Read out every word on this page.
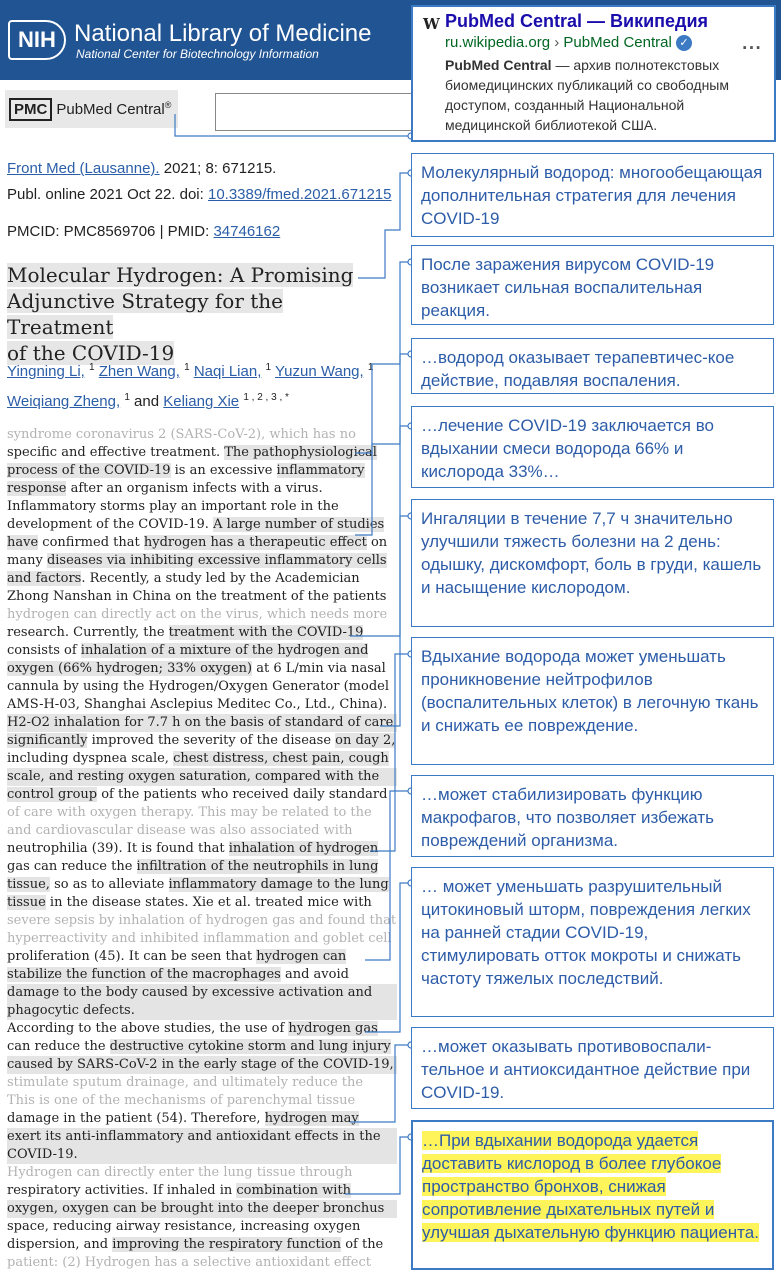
NIH National Library of Medicine
National Center for Biotechnology Information
PMC PubMed Central®
Front Med (Lausanne). 2021; 8: 671215.
Publ. online 2021 Oct 22. doi: 10.3389/fmed.2021.671215
PMCID: PMC8569706 | PMID: 34746162
Molecular Hydrogen: A Promising
Adjunctive Strategy for the Treatment
of the COVID-19
Yingning Li, $^1$ Zhen Wang, $^1$ Naqi Lian, $^1$ Yuzun Wang, $^1$
Weiqiang Zheng, $^1$ and Keliang Xie $^{1 , 2 , 3 , *}$

syndrome coronavirus 2 (SARS-CoV-2), which has no

specific and effective treatment. The pathophysiological

process of the COVID-19 is an excessive inflammatory

response after an organism infects with a virus.

Inflammatory storms play an important role in the

development of the COVID-19. A large number of studies

have confirmed that hydrogen has a therapeutic effect on

many diseases via inhibiting excessive inflammatory cells

and factors. Recently, a study led by the Academician

Zhong Nanshan in China on the treatment of the patients

hydrogen can directly act on the virus, which needs more

research. Currently, the treatment with the COVID-19

consists of inhalation of a mixture of the hydrogen and

oxygen (66% hydrogen; 33% oxygen) at 6 L/min via nasal

cannula by using the Hydrogen/Oxygen Generator (model

AMS-H-03, Shanghai Asclepius Meditec Co., Ltd., China).

H2-O2 inhalation for 7.7 h on the basis of standard of care

significantly improved the severity of the disease on day 2,

including dyspnea scale, chest distress, chest pain, cough

scale, and resting oxygen saturation, compared with the

control group of the patients who received daily standard

of care with oxygen therapy. This may be related to the

and cardiovascular disease was also associated with

neutrophilia (39). It is found that inhalation of hydrogen

gas can reduce the infiltration of the neutrophils in lung

tissue, so as to alleviate inflammatory damage to the lung

tissue in the disease states. Xie et al. treated mice with

severe sepsis by inhalation of hydrogen gas and found that

hyperreactivity and inhibited inflammation and goblet cell

proliferation (45). It can be seen that hydrogen can

stabilize the function of the macrophages and avoid

damage to the body caused by excessive activation and

phagocytic defects.

According to the above studies, the use of hydrogen gas

can reduce the destructive cytokine storm and lung injury

caused by SARS-CoV-2 in the early stage of the COVID-19,

stimulate sputum drainage, and ultimately reduce the

This is one of the mechanisms of parenchymal tissue

damage in the patient (54). Therefore, hydrogen may

exert its anti-inflammatory and antioxidant effects in the

COVID-19.

Hydrogen can directly enter the lung tissue through

respiratory activities. If inhaled in combination with

oxygen, oxygen can be brought into the deeper bronchus

space, reducing airway resistance, increasing oxygen

dispersion, and improving the respiratory function of the

patient: (2) Hydrogen has a selective antioxidant effect

W PubMed Central — Википедия
ru.wikipedia.org › PubMed Central ✓	···
PubMed Central — архив полнотекстовых биомедицинских публикаций со свободным доступом, созданный Национальной медицинской библиотекой США.
Молекулярный водород: многообещающая дополнительная стратегия для лечения COVID-19
После заражения вирусом COVID-19 возникает сильная воспалительная реакция.
…водород оказывает терапевтичес-кое действие, подавляя воспаления.
…лечение COVID-19 заключается во вдыхании смеси водорода 66% и кислорода 33%…
Ингаляции в течение 7,7 ч значительно улучшили тяжесть болезни на 2 день: одышку, дискомфорт, боль в груди, кашель и насыщение кислородом.
Вдыхание водорода может уменьшать проникновение нейтрофилов (воспалительных клеток) в легочную ткань и снижать ее повреждение.
…может стабилизировать функцию макрофагов, что позволяет избежать повреждений организма.
… может уменьшать разрушительный цитокиновый шторм, повреждения легких на ранней стадии COVID-19, стимулировать отток мокроты и снижать частоту тяжелых последствий.
…может оказывать противовоспали-тельное и антиоксидантное действие при COVID-19.
…При вдыхании водорода удается доставить кислород в более глубокое пространство бронхов, снижая сопротивление дыхательных путей и улучшая дыхательную функцию пациента.
